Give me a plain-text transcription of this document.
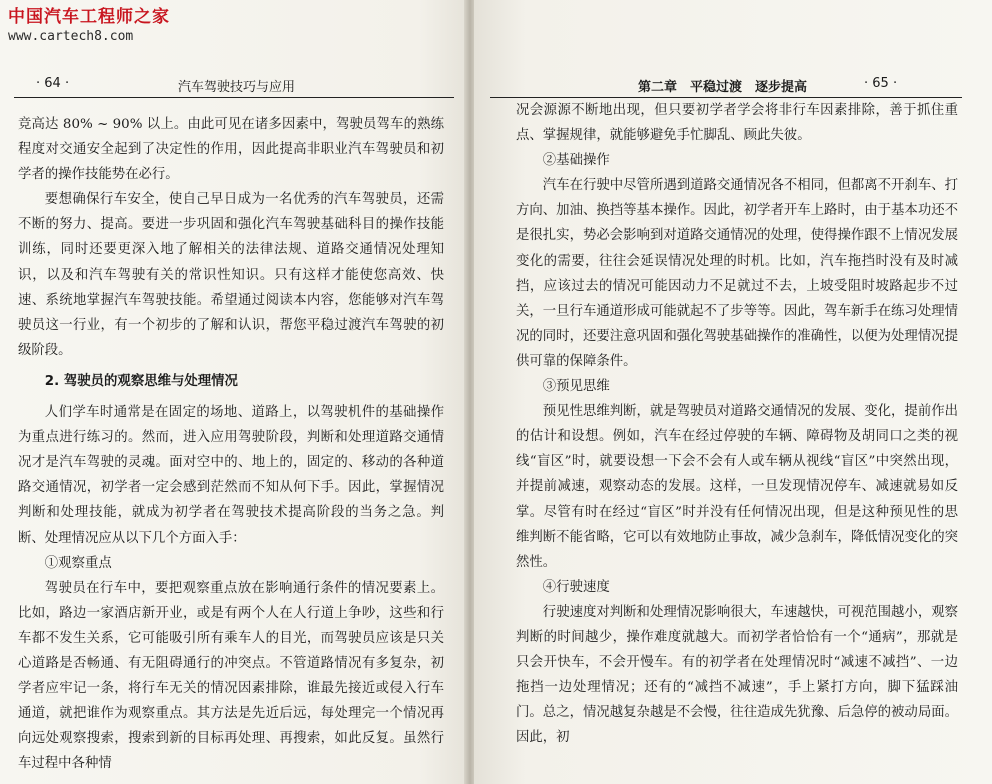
中国汽车工程师之家
www.cartech8.com
· 64 ·	汽车驾驶技巧与应用

竞高达 80% ~ 90% 以上。由此可见在诸多因素中，驾驶员驾车的熟练程度对交通安全起到了决定性的作用，因此提高非职业汽车驾驶员和初学者的操作技能势在必行。

要想确保行车安全，使自己早日成为一名优秀的汽车驾驶员，还需不断的努力、提高。要进一步巩固和强化汽车驾驶基础科目的操作技能训练，同时还要更深入地了解相关的法律法规、道路交通情况处理知识，以及和汽车驾驶有关的常识性知识。只有这样才能使您高效、快速、系统地掌握汽车驾驶技能。希望通过阅读本内容，您能够对汽车驾驶员这一行业，有一个初步的了解和认识，帮您平稳过渡汽车驾驶的初级阶段。

2. 驾驶员的观察思维与处理情况

人们学车时通常是在固定的场地、道路上，以驾驶机件的基础操作为重点进行练习的。然而，进入应用驾驶阶段，判断和处理道路交通情况才是汽车驾驶的灵魂。面对空中的、地上的，固定的、移动的各种道路交通情况，初学者一定会感到茫然而不知从何下手。因此，掌握情况判断和处理技能，就成为初学者在驾驶技术提高阶段的当务之急。判断、处理情况应从以下几个方面入手：

①观察重点

驾驶员在行车中，要把观察重点放在影响通行条件的情况要素上。比如，路边一家酒店新开业，或是有两个人在人行道上争吵，这些和行车都不发生关系，它可能吸引所有乘车人的目光，而驾驶员应该是只关心道路是否畅通、有无阻碍通行的冲突点。不管道路情况有多复杂，初学者应牢记一条，将行车无关的情况因素排除，谁最先接近或侵入行车通道，就把谁作为观察重点。其方法是先近后远，每处理完一个情况再向远处观察搜索，搜索到新的目标再处理、再搜索，如此反复。虽然行车过程中各种情

第二章　平稳过渡　逐步提高	· 65 ·

况会源源不断地出现，但只要初学者学会将非行车因素排除，善于抓住重点、掌握规律，就能够避免手忙脚乱、顾此失彼。

②基础操作

汽车在行驶中尽管所遇到道路交通情况各不相同，但都离不开刹车、打方向、加油、换挡等基本操作。因此，初学者开车上路时，由于基本功还不是很扎实，势必会影响到对道路交通情况的处理，使得操作跟不上情况发展变化的需要，往往会延误情况处理的时机。比如，汽车拖挡时没有及时减挡，应该过去的情况可能因动力不足就过不去，上坡受阻时坡路起步不过关，一旦行车通道形成可能就起不了步等等。因此，驾车新手在练习处理情况的同时，还要注意巩固和强化驾驶基础操作的准确性，以便为处理情况提供可靠的保障条件。

③预见思维

预见性思维判断，就是驾驶员对道路交通情况的发展、变化，提前作出的估计和设想。例如，汽车在经过停驶的车辆、障碍物及胡同口之类的视线“盲区”时，就要设想一下会不会有人或车辆从视线“盲区”中突然出现，并提前减速，观察动态的发展。这样，一旦发现情况停车、减速就易如反掌。尽管有时在经过“盲区”时并没有任何情况出现，但是这种预见性的思维判断不能省略，它可以有效地防止事故，减少急刹车，降低情况变化的突然性。

④行驶速度

行驶速度对判断和处理情况影响很大，车速越快，可视范围越小，观察判断的时间越少，操作难度就越大。而初学者恰恰有一个“通病”，那就是只会开快车，不会开慢车。有的初学者在处理情况时“减速不减挡”、一边拖挡一边处理情况；还有的“减挡不减速”，手上紧打方向，脚下猛踩油门。总之，情况越复杂越是不会慢，往往造成先犹豫、后急停的被动局面。因此，初
